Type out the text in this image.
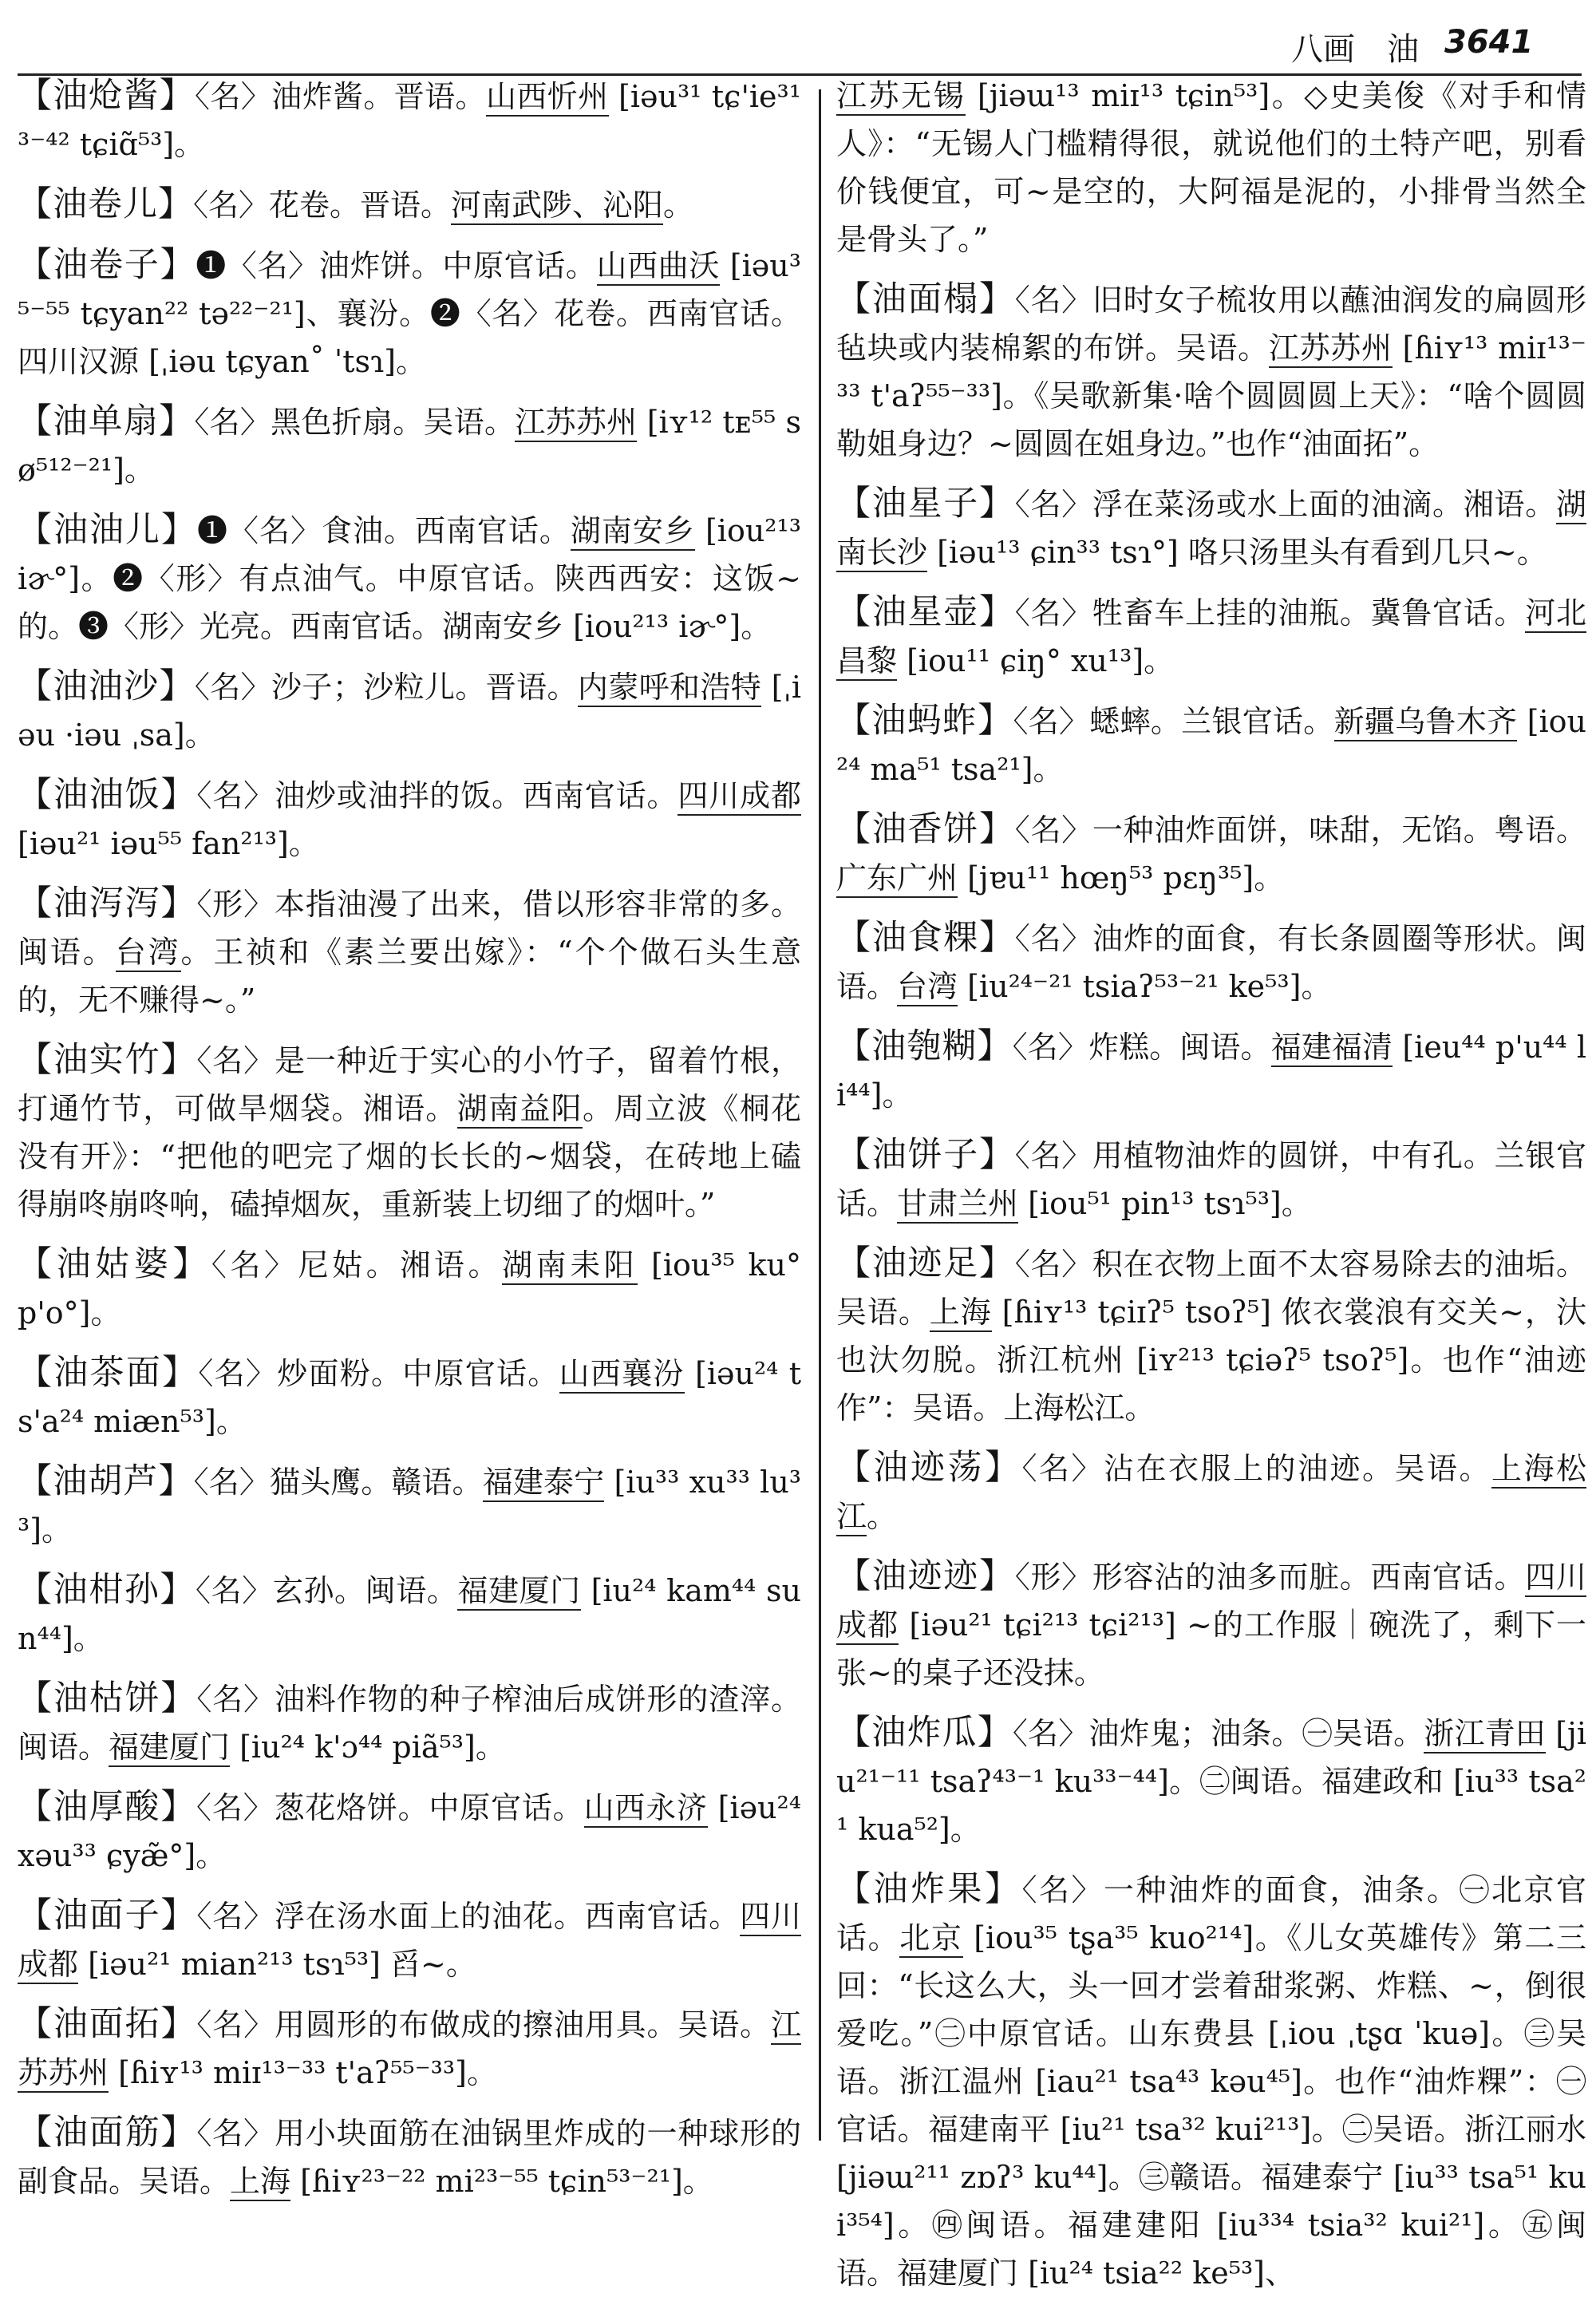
八画 油 3641
【油炝酱】〈名〉油炸酱。晋语。山西忻州 [iəu³¹ tɕ'ie³¹³⁻⁴² tɕiɑ̃⁵³]。
【油卷儿】〈名〉花卷。晋语。河南武陟、沁阳。
【油卷子】❶〈名〉油炸饼。中原官话。山西曲沃 [iəu³⁵⁻⁵⁵ tɕyan²² tə²²⁻²¹]、襄汾。❷〈名〉花卷。西南官话。四川汉源 [ˌiəu tɕyan˚ ˈtsɿ]。
【油单扇】〈名〉黑色折扇。吴语。江苏苏州 [iʏ¹² tᴇ⁵⁵ sø⁵¹²⁻²¹]。
【油油儿】❶〈名〉食油。西南官话。湖南安乡 [iou²¹³ iɚ°]。❷〈形〉有点油气。中原官话。陕西西安：这饭~的。❸〈形〉光亮。西南官话。湖南安乡 [iou²¹³ iɚ°]。
【油油沙】〈名〉沙子；沙粒儿。晋语。内蒙呼和浩特 [ˌiəu ·iəu ˌsa]。
【油油饭】〈名〉油炒或油拌的饭。西南官话。四川成都 [iəu²¹ iəu⁵⁵ fan²¹³]。
【油泻泻】〈形〉本指油漫了出来，借以形容非常的多。闽语。台湾。王祯和《素兰要出嫁》：“个个做石头生意的，无不赚得~。”
【油实竹】〈名〉是一种近于实心的小竹子，留着竹根，打通竹节，可做旱烟袋。湘语。湖南益阳。周立波《桐花没有开》：“把他的吧完了烟的长长的~烟袋，在砖地上磕得崩咚崩咚响，磕掉烟灰，重新装上切细了的烟叶。”
【油姑婆】〈名〉尼姑。湘语。湖南耒阳 [iou³⁵ ku° p'o°]。
【油茶面】〈名〉炒面粉。中原官话。山西襄汾 [iəu²⁴ ts'a²⁴ miæn⁵³]。
【油胡芦】〈名〉猫头鹰。赣语。福建泰宁 [iu³³ xu³³ lu³³]。
【油柑孙】〈名〉玄孙。闽语。福建厦门 [iu²⁴ kam⁴⁴ sun⁴⁴]。
【油枯饼】〈名〉油料作物的种子榨油后成饼形的渣滓。闽语。福建厦门 [iu²⁴ k'ɔ⁴⁴ piã⁵³]。
【油厚酸】〈名〉葱花烙饼。中原官话。山西永济 [iəu²⁴ xəu³³ ɕyæ̃°]。
【油面子】〈名〉浮在汤水面上的油花。西南官话。四川成都 [iəu²¹ mian²¹³ tsɿ⁵³] 舀~。
【油面拓】〈名〉用圆形的布做成的擦油用具。吴语。江苏苏州 [ɦiʏ¹³ miɪ¹³⁻³³ t'aʔ⁵⁵⁻³³]。
【油面筋】〈名〉用小块面筋在油锅里炸成的一种球形的副食品。吴语。上海 [ɦiʏ²³⁻²² mi²³⁻⁵⁵ tɕin⁵³⁻²¹]。
江苏无锡 [jiəɯ¹³ miɪ¹³ tɕin⁵³]。◇史美俊《对手和情人》：“无锡人门槛精得很，就说他们的土特产吧，别看价钱便宜，可~是空的，大阿福是泥的，小排骨当然全是骨头了。”
【油面榻】〈名〉旧时女子梳妆用以蘸油润发的扁圆形毡块或内装棉絮的布饼。吴语。江苏苏州 [ɦiʏ¹³ miɪ¹³⁻³³ t'aʔ⁵⁵⁻³³]。《吴歌新集·啥个圆圆圆上天》：“啥个圆圆勒姐身边？~圆圆在姐身边。”也作“油面拓”。
【油星子】〈名〉浮在菜汤或水上面的油滴。湘语。湖南长沙 [iəu¹³ ɕin³³ tsɿ°] 咯只汤里头有看到几只~。
【油星壶】〈名〉牲畜车上挂的油瓶。冀鲁官话。河北昌黎 [iou¹¹ ɕiŋ° xu¹³]。
【油蚂蚱】〈名〉蟋蟀。兰银官话。新疆乌鲁木齐 [iou²⁴ ma⁵¹ tsa²¹]。
【油香饼】〈名〉一种油炸面饼，味甜，无馅。粤语。广东广州 [jɐu¹¹ hœŋ⁵³ pɛŋ³⁵]。
【油食粿】〈名〉油炸的面食，有长条圆圈等形状。闽语。台湾 [iu²⁴⁻²¹ tsiaʔ⁵³⁻²¹ ke⁵³]。
【油匏糊】〈名〉炸糕。闽语。福建福清 [ieu⁴⁴ p'u⁴⁴ li⁴⁴]。
【油饼子】〈名〉用植物油炸的圆饼，中有孔。兰银官话。甘肃兰州 [iou⁵¹ pin¹³ tsɿ⁵³]。
【油迹足】〈名〉积在衣物上面不太容易除去的油垢。吴语。上海 [ɦiʏ¹³ tɕiɪʔ⁵ tsoʔ⁵] 侬衣裳浪有交关~，汏也汏勿脱。浙江杭州 [iʏ²¹³ tɕiəʔ⁵ tsoʔ⁵]。也作“油迹作”：吴语。上海松江。
【油迹荡】〈名〉沾在衣服上的油迹。吴语。上海松江。
【油迹迹】〈形〉形容沾的油多而脏。西南官话。四川成都 [iəu²¹ tɕi²¹³ tɕi²¹³] ~的工作服｜碗洗了，剩下一张~的桌子还没抹。
【油炸瓜】〈名〉油炸鬼；油条。㊀吴语。浙江青田 [jiu²¹⁻¹¹ tsaʔ⁴³⁻¹ ku³³⁻⁴⁴]。㊁闽语。福建政和 [iu³³ tsa²¹ kua⁵²]。
【油炸果】〈名〉一种油炸的面食，油条。㊀北京官话。北京 [iou³⁵ tʂa³⁵ kuo²¹⁴]。《儿女英雄传》第二三回：“长这么大，头一回才尝着甜浆粥、炸糕、~，倒很爱吃。”㊁中原官话。山东费县 [ˌiou ˌtʂɑ ˈkuə]。㊂吴语。浙江温州 [iau²¹ tsa⁴³ kəu⁴⁵]。也作“油炸粿”：㊀官话。福建南平 [iu²¹ tsa³² kui²¹³]。㊁吴语。浙江丽水 [jiəɯ²¹¹ zɒʔ³ ku⁴⁴]。㊂赣语。福建泰宁 [iu³³ tsa⁵¹ kui³⁵⁴]。㊃闽语。福建建阳 [iu³³⁴ tsia³² kui²¹]。㊄闽语。福建厦门 [iu²⁴ tsia²² ke⁵³]、
